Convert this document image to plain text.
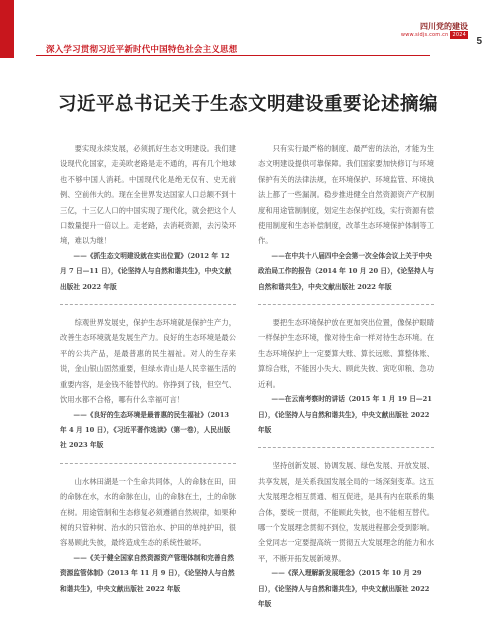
深入学习贯彻习近平新时代中国特色社会主义思想
四川党的建设
www.sidjs.com.cn 2024
5
习近平总书记关于生态文明建设重要论述摘编

要实现永续发展，必须抓好生态文明建设。我们建设现代化国家，走美欧老路是走不通的，再有几个地球也不够中国人消耗。中国现代化是绝无仅有、史无前例、空前伟大的。现在全世界发达国家人口总额不到十三亿，十三亿人口的中国实现了现代化，就会把这个人口数量提升一倍以上。走老路，去消耗资源，去污染环境，难以为继！

——《抓生态文明建设就在实出位置》（2012 年 12 月 7 日—11 日），《论坚持人与自然和谐共生》，中央文献出版社 2022 年版

综观世界发展史，保护生态环境就是保护生产力，改善生态环境就是发展生产力。良好的生态环境是最公平的公共产品，是最普惠的民生福祉。对人的生存来说，金山银山固然重要，但绿水青山是人民幸福生活的重要内容，是金钱不能替代的。你挣到了钱，但空气、饮用水都不合格，哪有什么幸福可言！

——《良好的生态环境是最普惠的民生福祉》（2013 年 4 月 10 日），《习近平著作选读》（第一卷），人民出版社 2023 年版

山水林田湖是一个生命共同体，人的命脉在田，田的命脉在水，水的命脉在山，山的命脉在土，土的命脉在树。用途管制和生态修复必须遵循自然规律，如果种树的只管种树、治水的只管治水、护田的单纯护田，很容易顾此失彼，最终造成生态的系统性破坏。

——《关于健全国家自然资源资产管理体制和完善自然资源监管体制》（2013 年 11 月 9 日），《论坚持人与自然和谐共生》，中央文献出版社 2022 年版

只有实行最严格的制度、最严密的法治，才能为生态文明建设提供可靠保障。我们国家要加快修订与环境保护有关的法律法规，在环境保护、环境监管、环境执法上都了一些漏洞。稳步推进健全自然资源资产产权制度和用途管制制度，划定生态保护红线，实行资源有偿使用制度和生态补偿制度，改革生态环境保护体制等工作。

——在中共十八届四中全会第一次全体会议上关于中央政治局工作的报告（2014 年 10 月 20 日），《论坚持人与自然和谐共生》，中央文献出版社 2022 年版

要把生态环境保护放在更加突出位置，像保护眼睛一样保护生态环境，像对待生命一样对待生态环境。在生态环境保护上一定要算大账、算长远账、算整体账、算综合账，不能因小失大、顾此失彼、寅吃卯粮、急功近利。

——在云南考察时的讲话（2015 年 1 月 19 日—21 日），《论坚持人与自然和谐共生》，中央文献出版社 2022 年版

坚持创新发展、协调发展、绿色发展、开放发展、共享发展，是关系我国发展全局的一场深刻变革。这五大发展理念相互贯通、相互促进，是具有内在联系的集合体，要统一贯彻，不能顾此失彼，也不能相互替代。哪一个发展理念贯彻不到位，发展进程都会受到影响。全党同志一定要提高统一贯彻五大发展理念的能力和水平，不断开拓发展新境界。

——《深入理解新发展理念》（2015 年 10 月 29 日），《论坚持人与自然和谐共生》，中央文献出版社 2022 年版
